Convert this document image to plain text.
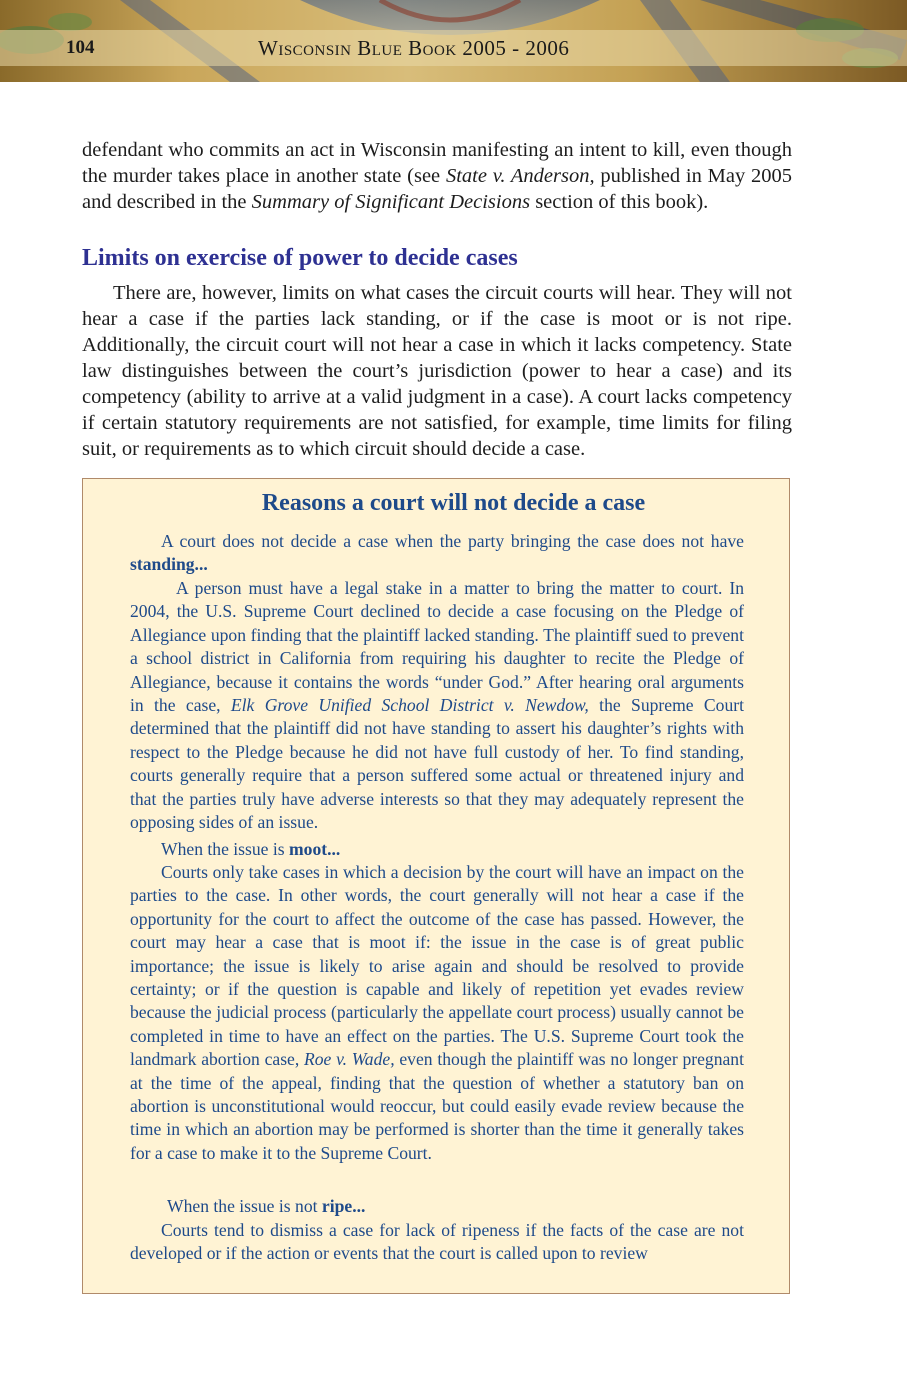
104	Wisconsin Blue Book 2005 - 2006
defendant who commits an act in Wisconsin manifesting an intent to kill, even though the murder takes place in another state (see State v. Anderson, published in May 2005 and described in the Summary of Significant Decisions section of this book).
Limits on exercise of power to decide cases
There are, however, limits on what cases the circuit courts will hear. They will not hear a case if the parties lack standing, or if the case is moot or is not ripe. Additionally, the circuit court will not hear a case in which it lacks competency. State law distinguishes between the court’s jurisdiction (power to hear a case) and its competency (ability to arrive at a valid judgment in a case). A court lacks competency if certain statutory requirements are not satisfied, for example, time limits for filing suit, or requirements as to which circuit should decide a case.
Reasons a court will not decide a case
A court does not decide a case when the party bringing the case does not have standing...
A person must have a legal stake in a matter to bring the matter to court. In 2004, the U.S. Supreme Court declined to decide a case focusing on the Pledge of Allegiance upon finding that the plaintiff lacked standing. The plaintiff sued to prevent a school district in California from requiring his daughter to recite the Pledge of Allegiance, because it contains the words “under God.” After hearing oral arguments in the case, Elk Grove Unified School District v. Newdow, the Supreme Court determined that the plaintiff did not have standing to assert his daughter’s rights with respect to the Pledge because he did not have full custody of her. To find standing, courts generally require that a person suffered some actual or threatened injury and that the parties truly have adverse interests so that they may adequately represent the opposing sides of an issue.
When the issue is moot...
Courts only take cases in which a decision by the court will have an impact on the parties to the case. In other words, the court generally will not hear a case if the opportunity for the court to affect the outcome of the case has passed. However, the court may hear a case that is moot if: the issue in the case is of great public importance; the issue is likely to arise again and should be resolved to provide certainty; or if the question is capable and likely of repetition yet evades review because the judicial process (particularly the appellate court process) usually cannot be completed in time to have an effect on the parties. The U.S. Supreme Court took the landmark abortion case, Roe v. Wade, even though the plaintiff was no longer pregnant at the time of the appeal, finding that the question of whether a statutory ban on abortion is unconstitutional would reoccur, but could easily evade review because the time in which an abortion may be performed is shorter than the time it generally takes for a case to make it to the Supreme Court.
When the issue is not ripe...
Courts tend to dismiss a case for lack of ripeness if the facts of the case are not developed or if the action or events that the court is called upon to review
